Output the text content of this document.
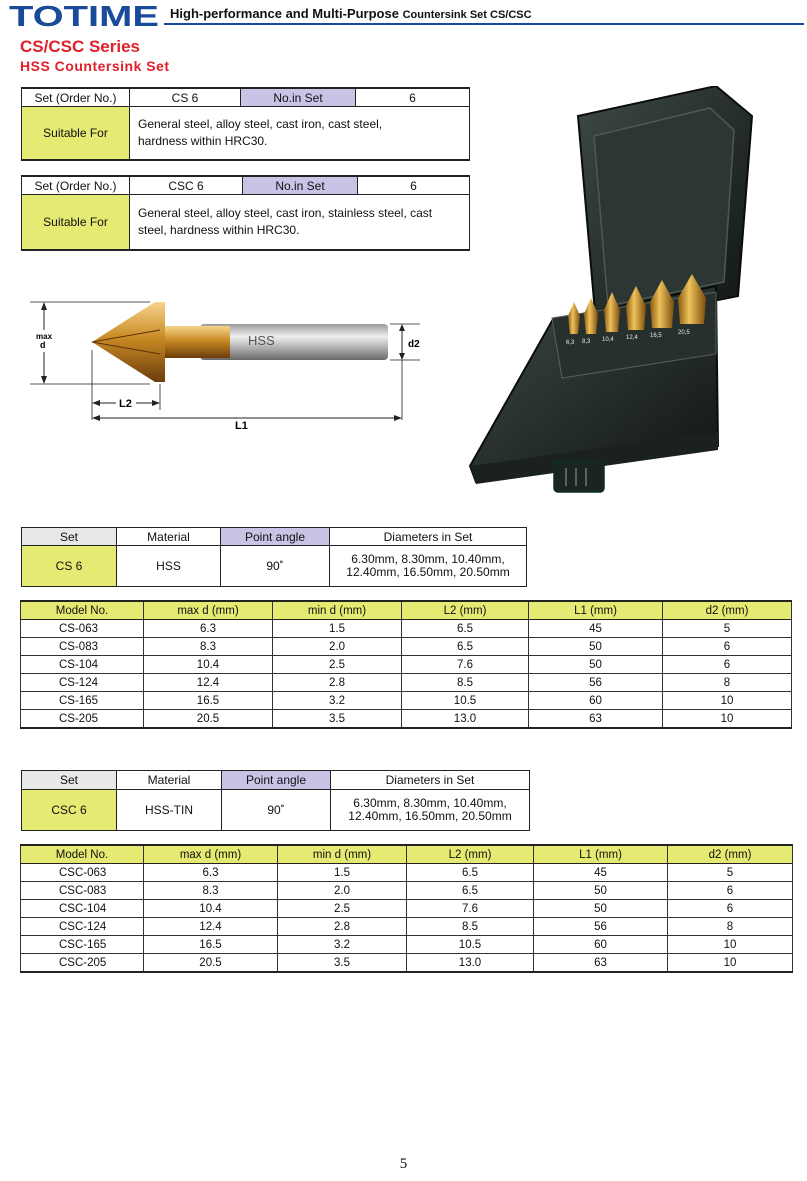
TOTIME High-performance and Multi-Purpose Countersink Set CS/CSC
CS/CSC Series
HSS Countersink Set
Set (Order No.)	CS 6	No.in Set	6
Suitable For	General steel, alloy steel, cast iron, cast steel,
hardness within HRC30.		
Set (Order No.)	CSC 6	No.in Set	6
Suitable For	General steel, alloy steel, cast iron, stainless steel, cast
steel, hardness within HRC30.		
HSS
max
d	d2
L2
L1
6,3 8,3 10,4 12,4 16,5	20,5
Set	Material	Point angle	Diameters in Set
CS 6	HSS	90˚	6.30mm, 8.30mm, 10.40mm,
12.40mm, 16.50mm, 20.50mm
Model No.	max d (mm)	min d (mm)	L2 (mm)	L1 (mm)	d2 (mm)
CS-063	6.3	1.5	6.5	45	5
CS-083	8.3	2.0	6.5	50	6
CS-104	10.4	2.5	7.6	50	6
CS-124	12.4	2.8	8.5	56	8
CS-165	16.5	3.2	10.5	60	10
CS-205	20.5	3.5	13.0	63	10
Set	Material	Point angle	Diameters in Set
CSC 6	HSS-TIN	90˚	6.30mm, 8.30mm, 10.40mm,
12.40mm, 16.50mm, 20.50mm
Model No.	max d (mm)	min d (mm)	L2 (mm)	L1 (mm)	d2 (mm)
CSC-063	6.3	1.5	6.5	45	5
CSC-083	8.3	2.0	6.5	50	6
CSC-104	10.4	2.5	7.6	50	6
CSC-124	12.4	2.8	8.5	56	8
CSC-165	16.5	3.2	10.5	60	10
CSC-205	20.5	3.5	13.0	63	10
5
